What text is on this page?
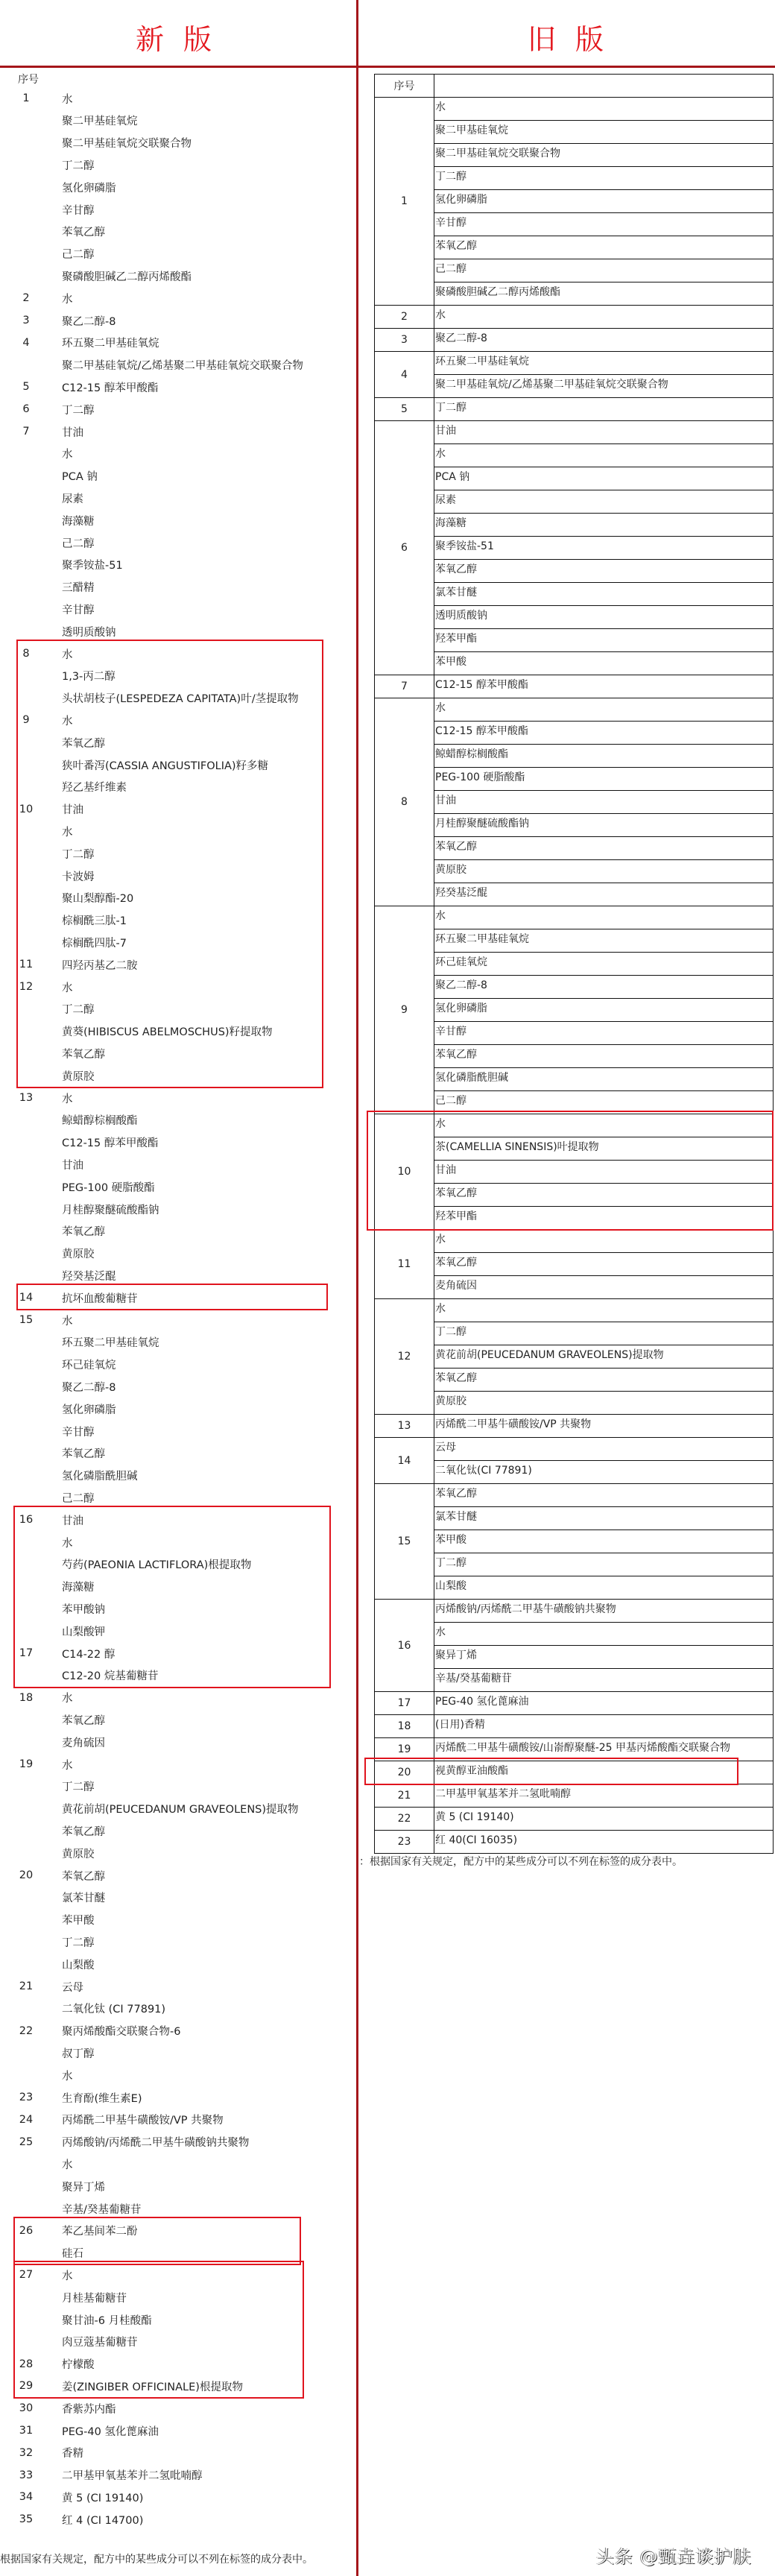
新版	旧版
序号
1	水
聚二甲基硅氧烷
聚二甲基硅氧烷交联聚合物
丁二醇
氢化卵磷脂
辛甘醇
苯氧乙醇
己二醇
聚磷酸胆碱乙二醇丙烯酸酯
2	水
3	聚乙二醇-8
4	环五聚二甲基硅氧烷
聚二甲基硅氧烷/乙烯基聚二甲基硅氧烷交联聚合物
5	C12-15 醇苯甲酸酯
6	丁二醇
7	甘油
水
PCA 钠
尿素
海藻糖
己二醇
聚季铵盐-51
三醋精
辛甘醇
透明质酸钠
8	水
1,3-丙二醇
头状胡枝子(LESPEDEZA CAPITATA)叶/茎提取物
9	水
苯氧乙醇
狭叶番泻(CASSIA ANGUSTIFOLIA)籽多糖
羟乙基纤维素
10	甘油
水
丁二醇
卡波姆
聚山梨醇酯-20
棕榈酰三肽-1
棕榈酰四肽-7
11	四羟丙基乙二胺
12	水
丁二醇
黄葵(HIBISCUS ABELMOSCHUS)籽提取物
苯氧乙醇
黄原胶
13	水
鲸蜡醇棕榈酸酯
C12-15 醇苯甲酸酯
甘油
PEG-100 硬脂酸酯
月桂醇聚醚硫酸酯钠
苯氧乙醇
黄原胶
羟癸基泛醌
14	抗坏血酸葡糖苷
15	水
环五聚二甲基硅氧烷
环己硅氧烷
聚乙二醇-8
氢化卵磷脂
辛甘醇
苯氧乙醇
氢化磷脂酰胆碱
己二醇
16	甘油
水
芍药(PAEONIA LACTIFLORA)根提取物
海藻糖
苯甲酸钠
山梨酸钾
17	C14-22 醇
C12-20 烷基葡糖苷
18	水
苯氧乙醇
麦角硫因
19	水
丁二醇
黄花前胡(PEUCEDANUM GRAVEOLENS)提取物
苯氧乙醇
黄原胶
20	苯氧乙醇
氯苯甘醚
苯甲酸
丁二醇
山梨酸
21	云母
二氧化钛 (CI 77891)
22	聚丙烯酸酯交联聚合物-6
叔丁醇
水
23	生育酚(维生素E)
24	丙烯酰二甲基牛磺酸铵/VP 共聚物
25	丙烯酸钠/丙烯酰二甲基牛磺酸钠共聚物
水
聚异丁烯
辛基/癸基葡糖苷
26	苯乙基间苯二酚
硅石
27	水
月桂基葡糖苷
聚甘油-6 月桂酸酯
肉豆蔻基葡糖苷
28	柠檬酸
29	姜(ZINGIBER OFFICINALE)根提取物
30	香紫苏内酯
31	PEG-40 氢化蓖麻油
32	香精
33	二甲基甲氧基苯并二氢吡喃醇
34	黄 5 (CI 19140)
35	红 4 (CI 14700)
序号	
1	水
	聚二甲基硅氧烷
	聚二甲基硅氧烷交联聚合物
	丁二醇
	氢化卵磷脂
	辛甘醇
	苯氧乙醇
	己二醇
	聚磷酸胆碱乙二醇丙烯酸酯
2	水
3	聚乙二醇-8
4	环五聚二甲基硅氧烷
	聚二甲基硅氧烷/乙烯基聚二甲基硅氧烷交联聚合物
5	丁二醇
6	甘油
	水
	PCA 钠
	尿素
	海藻糖
	聚季铵盐-51
	苯氧乙醇
	氯苯甘醚
	透明质酸钠
	羟苯甲酯
	苯甲酸
7	C12-15 醇苯甲酸酯
8	水
	C12-15 醇苯甲酸酯
	鲸蜡醇棕榈酸酯
	PEG-100 硬脂酸酯
	甘油
	月桂醇聚醚硫酸酯钠
	苯氧乙醇
	黄原胶
	羟癸基泛醌
9	水
	环五聚二甲基硅氧烷
	环己硅氧烷
	聚乙二醇-8
	氢化卵磷脂
	辛甘醇
	苯氧乙醇
	氢化磷脂酰胆碱
	己二醇
10	水
	茶(CAMELLIA SINENSIS)叶提取物
	甘油
	苯氧乙醇
	羟苯甲酯
11	水
	苯氧乙醇
	麦角硫因
12	水
	丁二醇
	黄花前胡(PEUCEDANUM GRAVEOLENS)提取物
	苯氧乙醇
	黄原胶
13	丙烯酰二甲基牛磺酸铵/VP 共聚物
14	云母
	二氧化钛(CI 77891)
15	苯氧乙醇
	氯苯甘醚
	苯甲酸
	丁二醇
	山梨酸
16	丙烯酸钠/丙烯酰二甲基牛磺酸钠共聚物
	水
	聚异丁烯
	辛基/癸基葡糖苷
17	PEG-40 氢化蓖麻油
18	(日用)香精
19	丙烯酰二甲基牛磺酸铵/山嵛醇聚醚-25 甲基丙烯酸酯交联聚合物
20	视黄醇亚油酸酯
21	二甲基甲氧基苯并二氢吡喃醇
22	黄 5 (CI 19140)
23	红 40(CI 16035)
根据国家有关规定，配方中的某些成分可以不列在标签的成分表中。
：根据国家有关规定，配方中的某些成分可以不列在标签的成分表中。
头条 @甄垚谈护肤
